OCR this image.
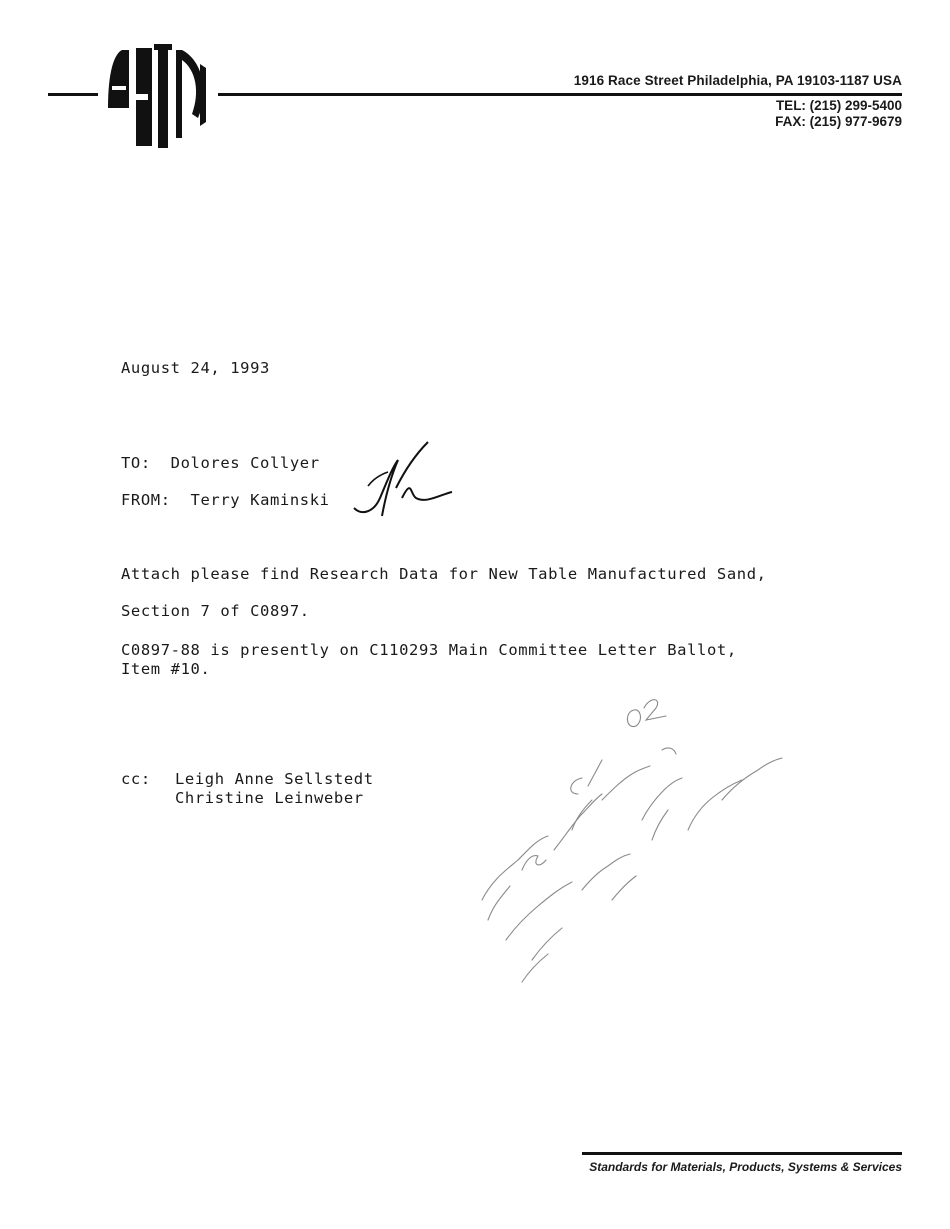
1916 Race Street Philadelphia, PA 19103-1187 USA
TEL: (215) 299-5400
FAX: (215) 977-9679
August 24, 1993
TO: Dolores Collyer
FROM: Terry Kaminski
Attach please find Research Data for New Table Manufactured Sand,
Section 7 of C0897.
C0897-88 is presently on C110293 Main Committee Letter Ballot,
Item #10.
cc: Leigh Anne Sellstedt
Christine Leinweber
Standards for Materials, Products, Systems & Services
